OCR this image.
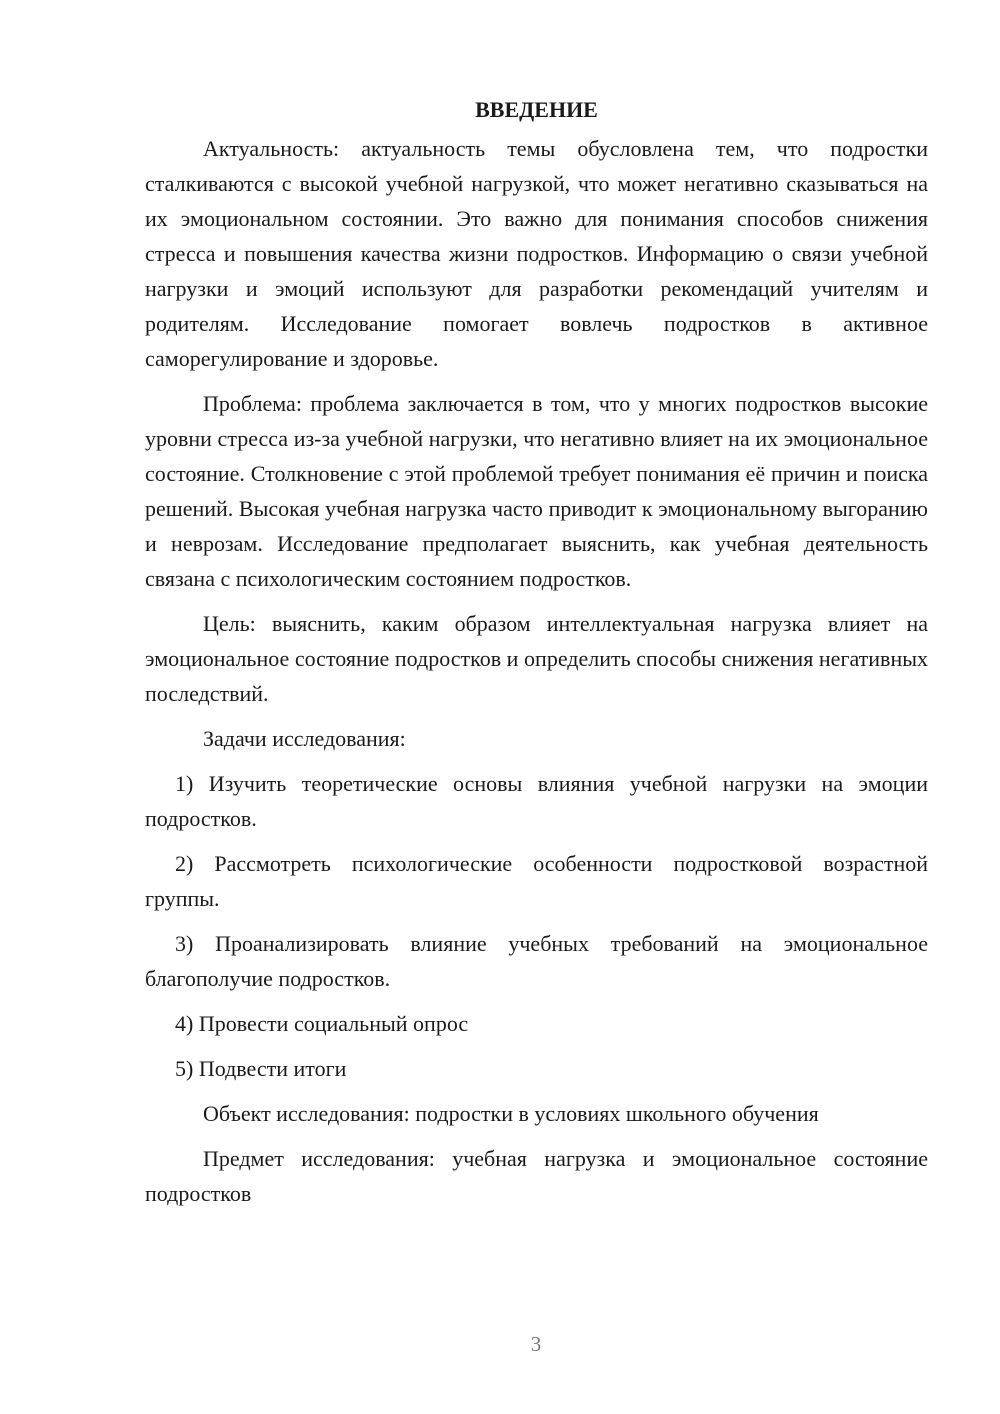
ВВЕДЕНИЕ

Актуальность: актуальность темы обусловлена тем, что подростки сталкиваются с высокой учебной нагрузкой, что может негативно сказываться на их эмоциональном состоянии. Это важно для понимания способов снижения стресса и повышения качества жизни подростков. Информацию о связи учебной нагрузки и эмоций используют для разработки рекомендаций учителям и родителям. Исследование помогает вовлечь подростков в активное саморегулирование и здоровье.

Проблема: проблема заключается в том, что у многих подростков высокие уровни стресса из-за учебной нагрузки, что негативно влияет на их эмоциональное состояние. Столкновение с этой проблемой требует понимания её причин и поиска решений. Высокая учебная нагрузка часто приводит к эмоциональному выгоранию и неврозам. Исследование предполагает выяснить, как учебная деятельность связана с психологическим состоянием подростков.

Цель: выяснить, каким образом интеллектуальная нагрузка влияет на эмоциональное состояние подростков и определить способы снижения негативных последствий.

Задачи исследования:

1) Изучить теоретические основы влияния учебной нагрузки на эмоции подростков.

2) Рассмотреть психологические особенности подростковой возрастной группы.

3) Проанализировать влияние учебных требований на эмоциональное благополучие подростков.

4) Провести социальный опрос

5) Подвести итоги

Объект исследования: подростки в условиях школьного обучения

Предмет исследования: учебная нагрузка и эмоциональное состояние подростков

3
